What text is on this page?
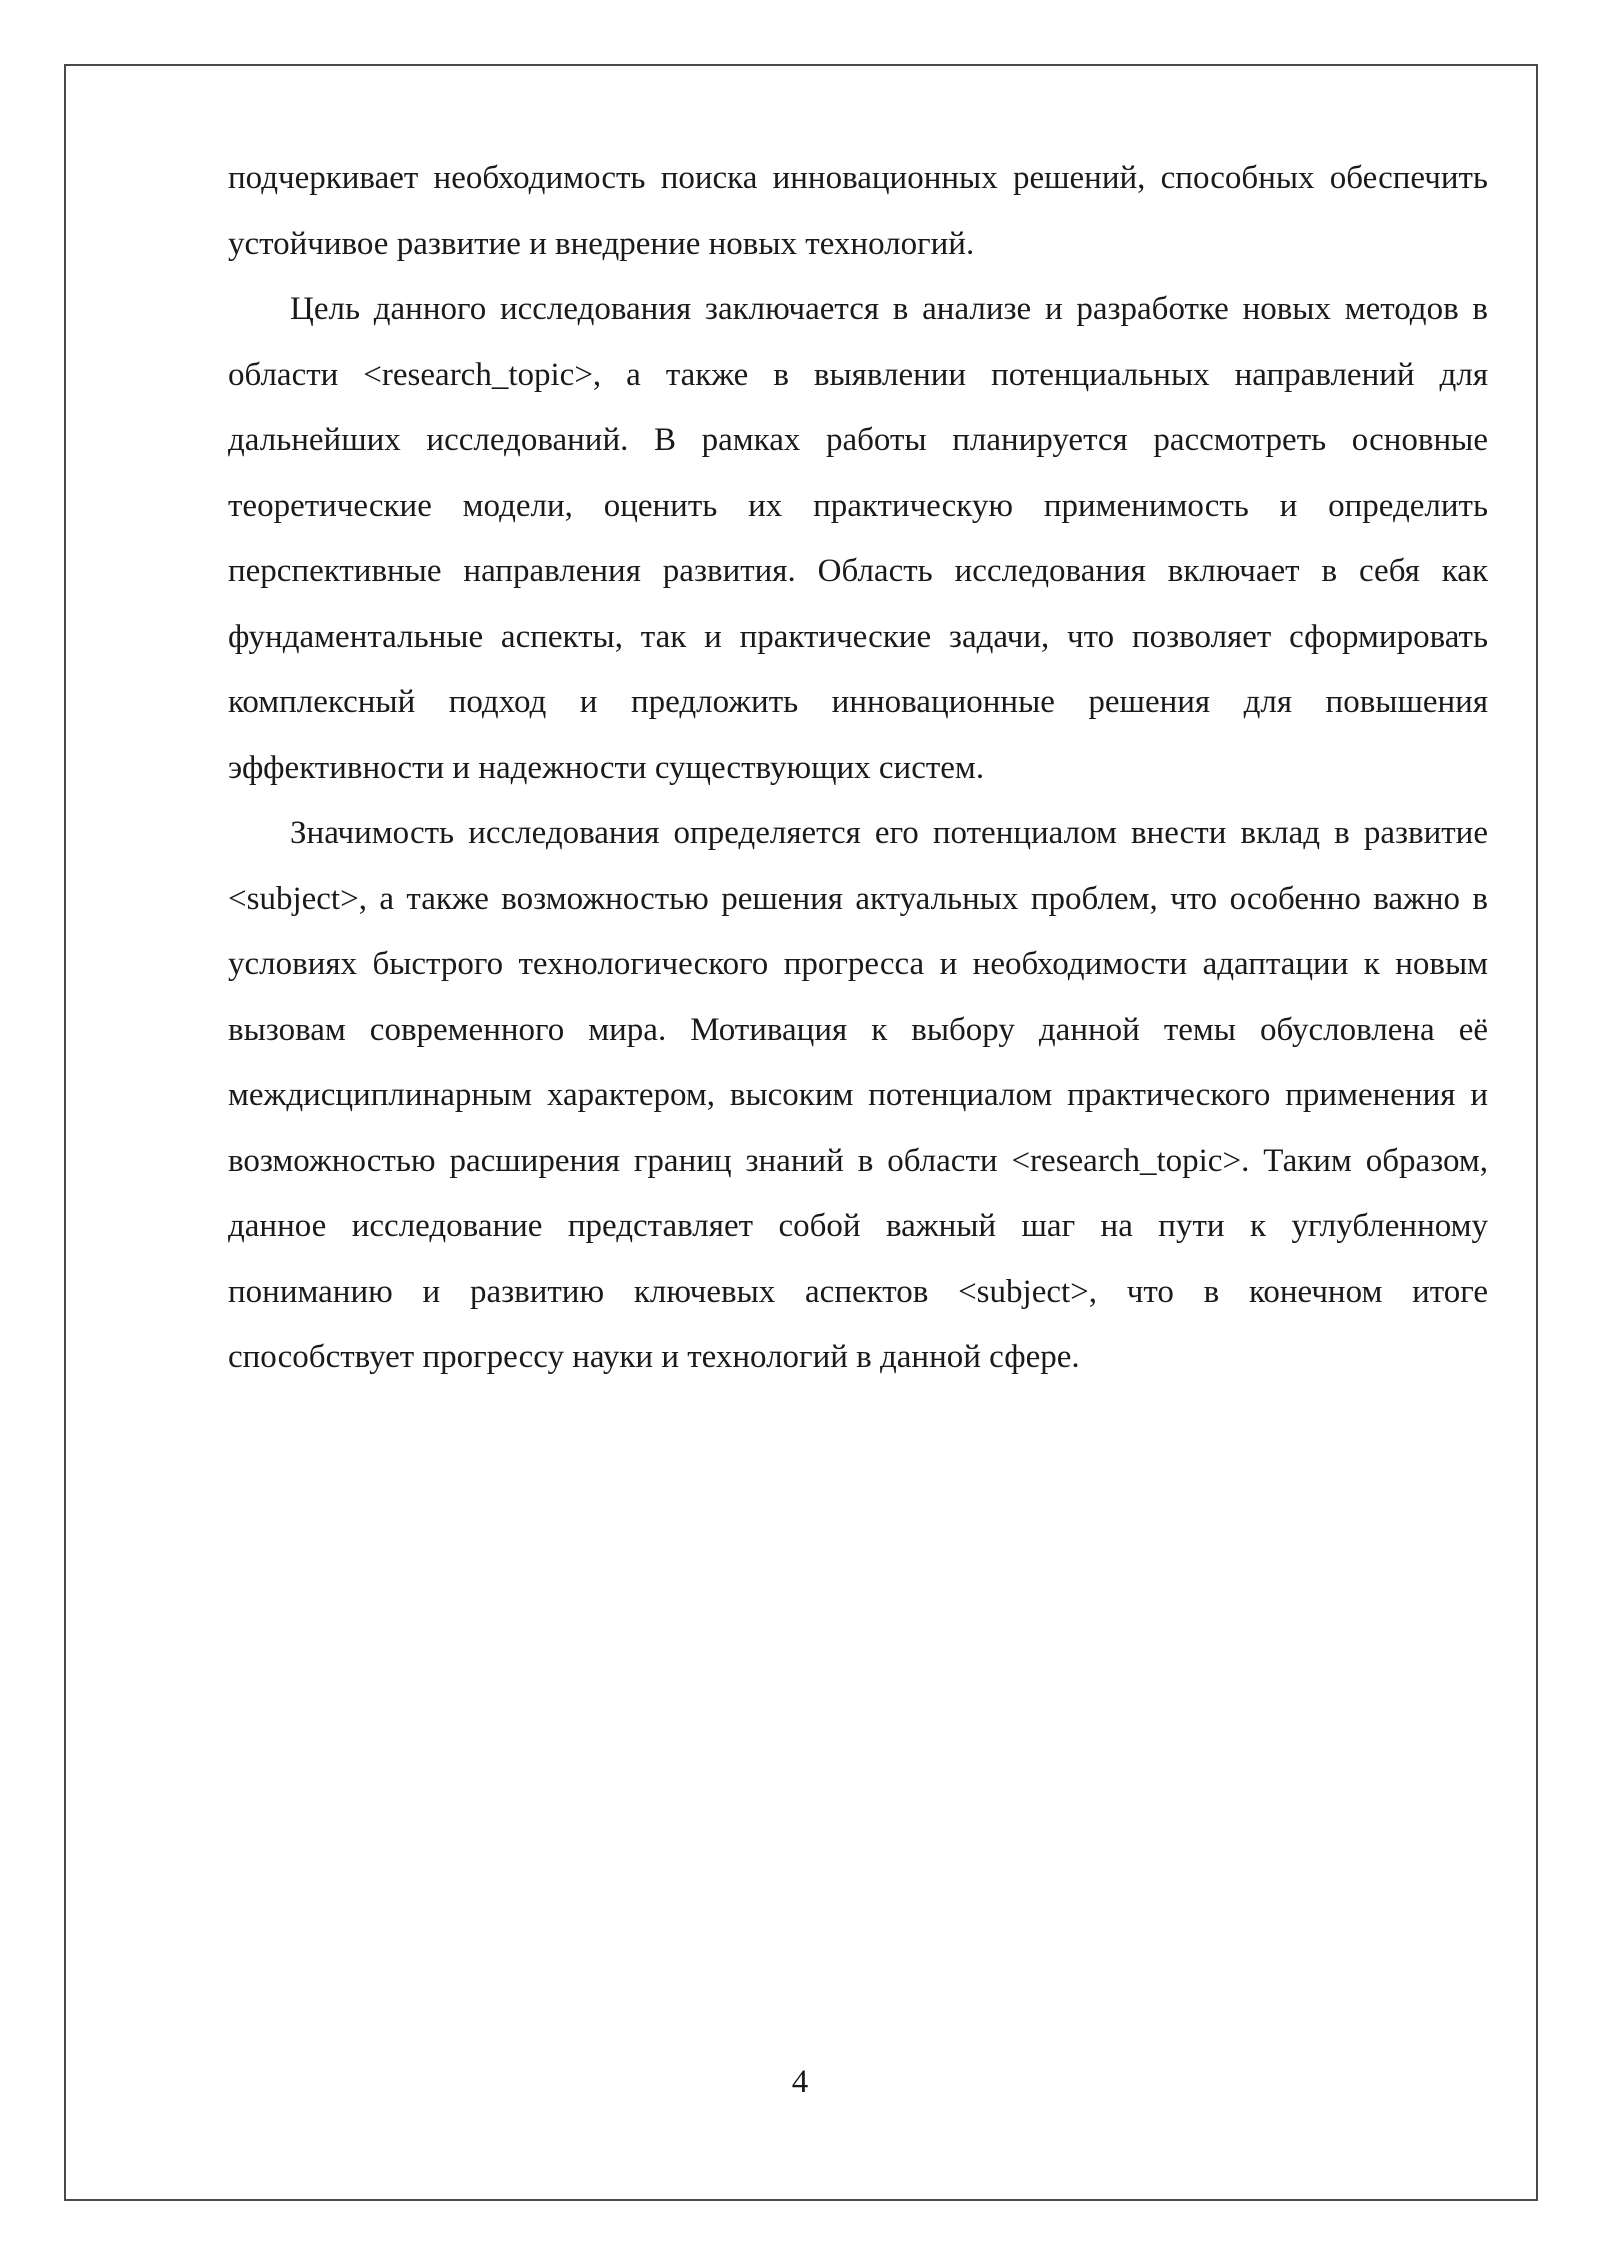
подчеркивает необходимость поиска инновационных решений, способных обеспечить устойчивое развитие и внедрение новых технологий.

Цель данного исследования заключается в анализе и разработке новых методов в области <research_topic>, а также в выявлении потенциальных направлений для дальнейших исследований. В рамках работы планируется рассмотреть основные теоретические модели, оценить их практическую применимость и определить перспективные направления развития. Область исследования включает в себя как фундаментальные аспекты, так и практические задачи, что позволяет сформировать комплексный подход и предложить инновационные решения для повышения эффективности и надежности существующих систем.

Значимость исследования определяется его потенциалом внести вклад в развитие <subject>, а также возможностью решения актуальных проблем, что особенно важно в условиях быстрого технологического прогресса и необходимости адаптации к новым вызовам современного мира. Мотивация к выбору данной темы обусловлена её междисциплинарным характером, высоким потенциалом практического применения и возможностью расширения границ знаний в области <research_topic>. Таким образом, данное исследование представляет собой важный шаг на пути к углубленному пониманию и развитию ключевых аспектов <subject>, что в конечном итоге способствует прогрессу науки и технологий в данной сфере.

4
